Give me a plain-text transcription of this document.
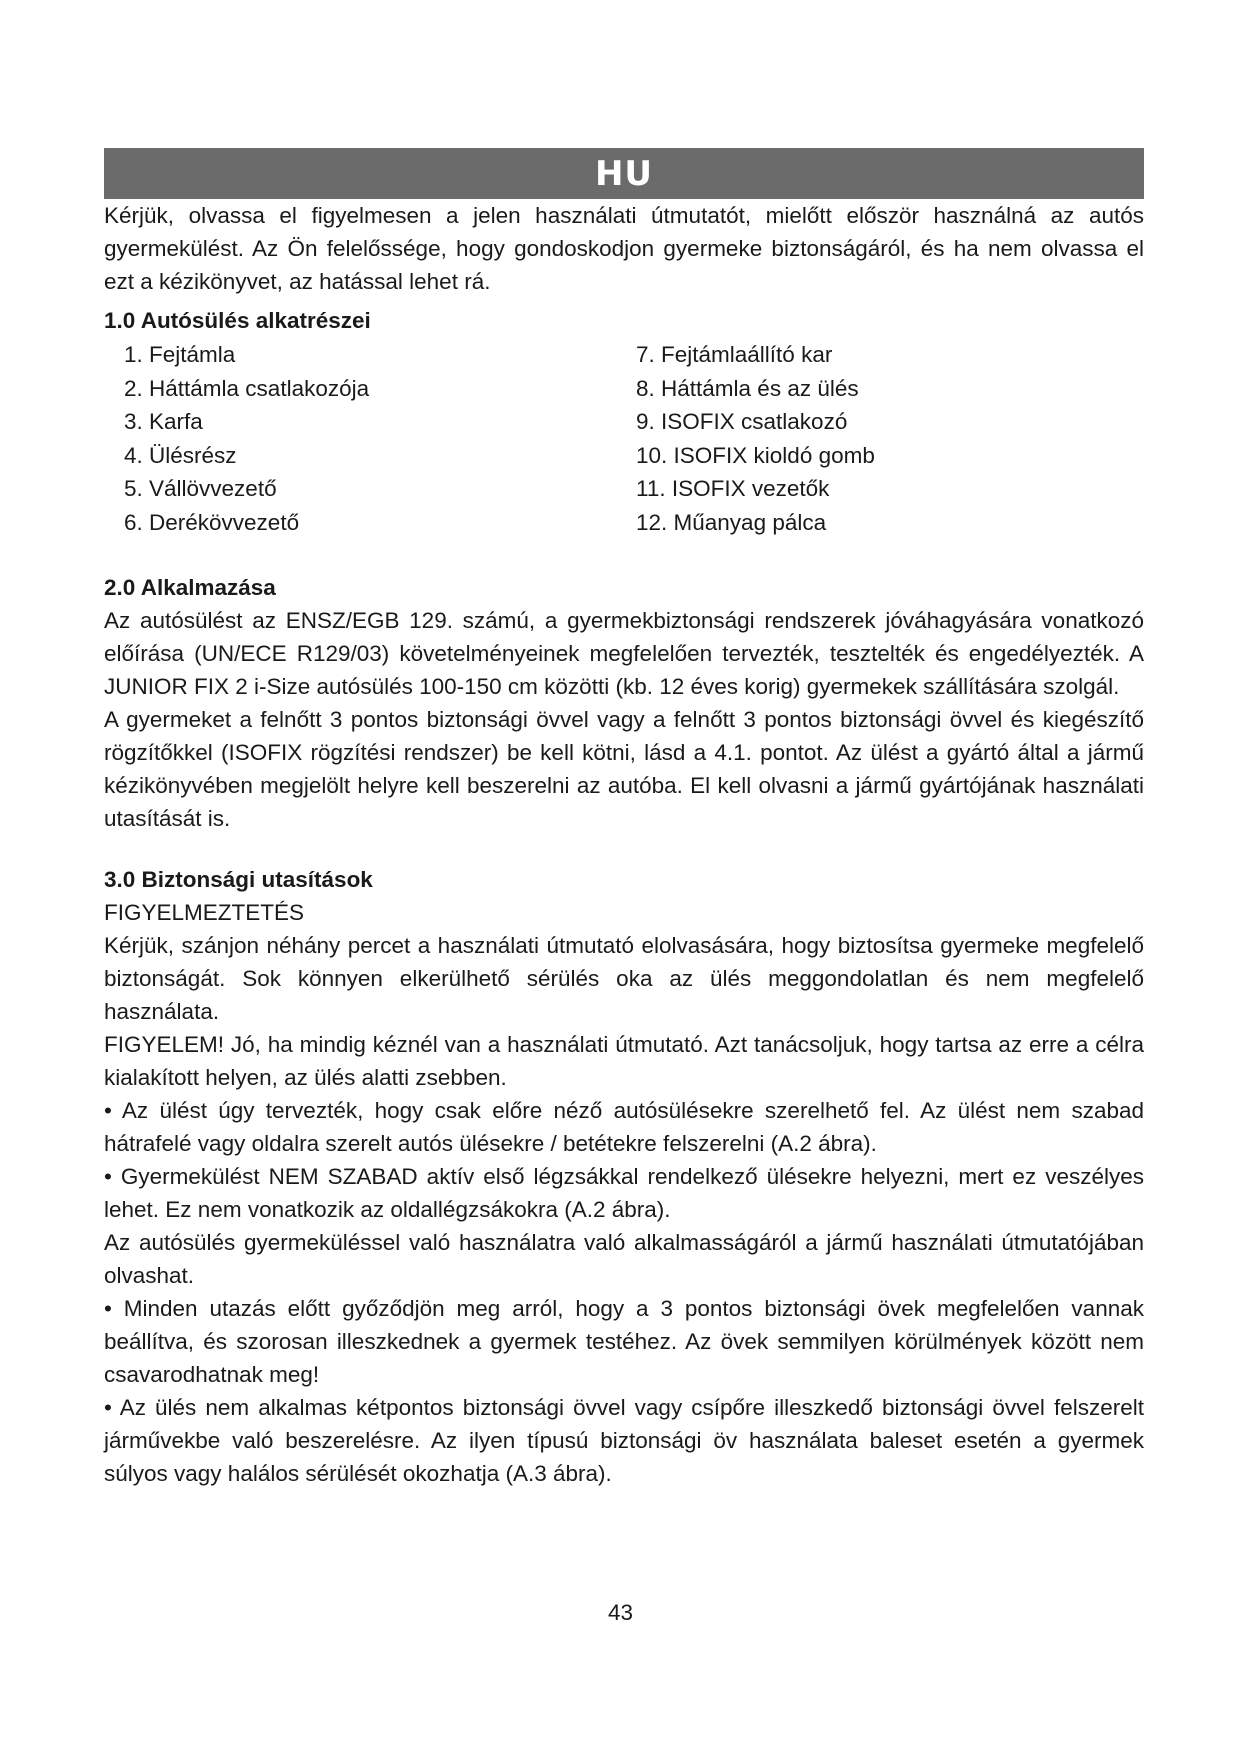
HU

Kérjük, olvassa el figyelmesen a jelen használati útmutatót, mielőtt először használná az autós gyermekülést. Az Ön felelőssége, hogy gondoskodjon gyermeke biztonságáról, és ha nem olvassa el ezt a kézikönyvet, az hatással lehet rá.

1.0 Autósülés alkatrészei
1. Fejtámla
2. Háttámla csatlakozója
3. Karfa
4. Ülésrész
5. Vállövvezető
6. Derékövvezető
7. Fejtámlaállító kar
8. Háttámla és az ülés
9. ISOFIX csatlakozó
10. ISOFIX kioldó gomb
11. ISOFIX vezetők
12. Műanyag pálca
2.0 Alkalmazása

Az autósülést az ENSZ/EGB 129. számú, a gyermekbiztonsági rendszerek jóváhagyására vonatkozó előírása (UN/ECE R129/03) követelményeinek megfelelően tervezték, tesztelték és engedélyezték. A JUNIOR FIX 2 i-Size autósülés 100-150 cm közötti (kb. 12 éves korig) gyermekek szállítására szolgál.

A gyermeket a felnőtt 3 pontos biztonsági övvel vagy a felnőtt 3 pontos biztonsági övvel és kiegészítő rögzítőkkel (ISOFIX rögzítési rendszer) be kell kötni, lásd a 4.1. pontot. Az ülést a gyártó által a jármű kézikönyvében megjelölt helyre kell beszerelni az autóba. El kell olvasni a jármű gyártójának használati utasítását is.

3.0 Biztonsági utasítások

FIGYELMEZTETÉS

Kérjük, szánjon néhány percet a használati útmutató elolvasására, hogy biztosítsa gyermeke megfelelő biztonságát. Sok könnyen elkerülhető sérülés oka az ülés meggondolatlan és nem megfelelő használata.

FIGYELEM! Jó, ha mindig kéznél van a használati útmutató. Azt tanácsoljuk, hogy tartsa az erre a célra kialakított helyen, az ülés alatti zsebben.

• Az ülést úgy tervezték, hogy csak előre néző autósülésekre szerelhető fel. Az ülést nem szabad hátrafelé vagy oldalra szerelt autós ülésekre / betétekre felszerelni (A.2 ábra).

• Gyermekülést NEM SZABAD aktív első légzsákkal rendelkező ülésekre helyezni, mert ez veszélyes lehet. Ez nem vonatkozik az oldallégzsákokra (A.2 ábra).

Az autósülés gyermeküléssel való használatra való alkalmasságáról a jármű használati útmutatójában olvashat.

• Minden utazás előtt győződjön meg arról, hogy a 3 pontos biztonsági övek megfelelően vannak beállítva, és szorosan illeszkednek a gyermek testéhez. Az övek semmilyen körülmények között nem csavarodhatnak meg!

• Az ülés nem alkalmas kétpontos biztonsági övvel vagy csípőre illeszkedő biztonsági övvel felszerelt járművekbe való beszerelésre. Az ilyen típusú biztonsági öv használata baleset esetén a gyermek súlyos vagy halálos sérülését okozhatja (A.3 ábra).

43
